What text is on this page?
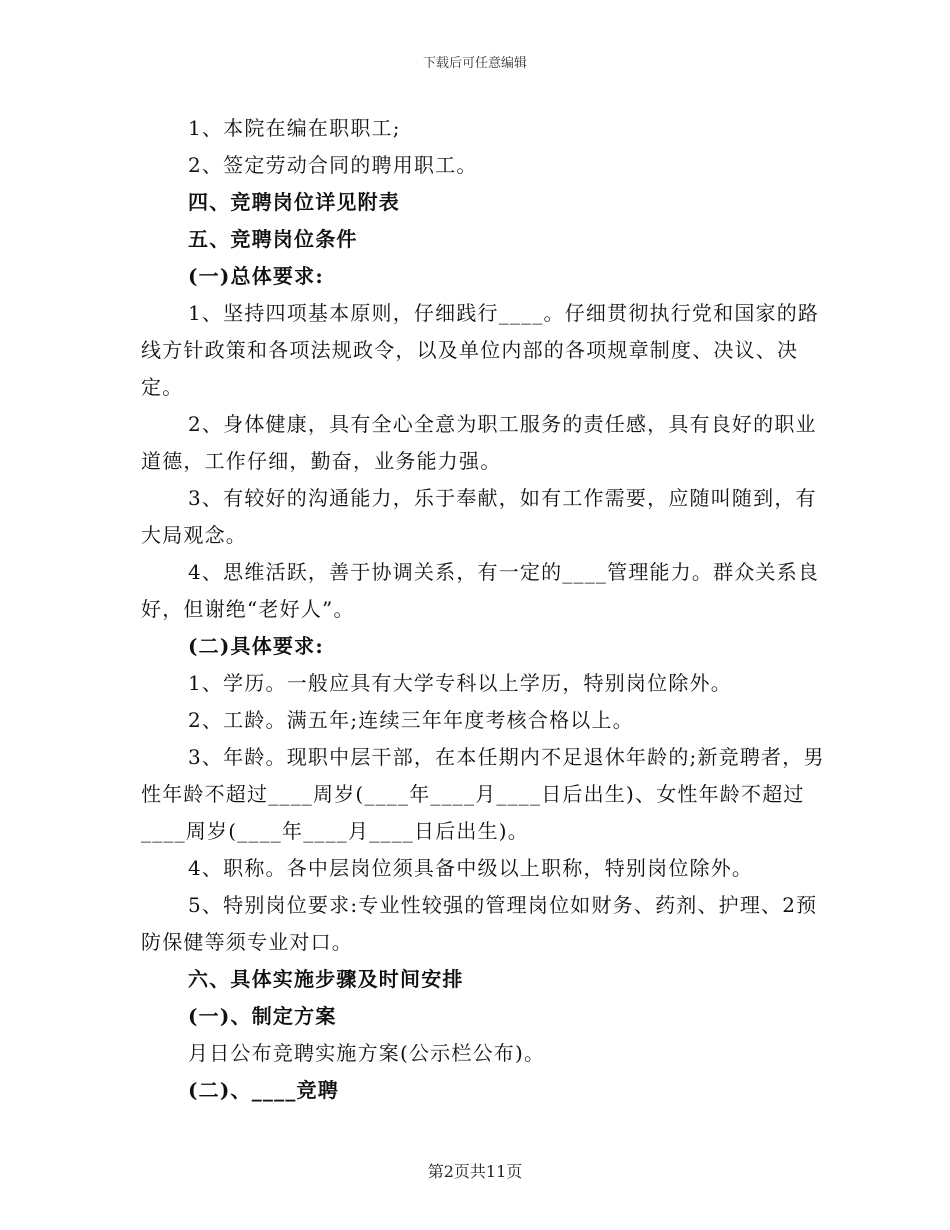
下载后可任意编辑
1、本院在编在职职工;
2、签定劳动合同的聘用职工。
四、竞聘岗位详见附表
五、竞聘岗位条件
(一)总体要求:
1、坚持四项基本原则，仔细践行____。仔细贯彻执行党和国家的路线方针政策和各项法规政令，以及单位内部的各项规章制度、决议、决定。
2、身体健康，具有全心全意为职工服务的责任感，具有良好的职业道德，工作仔细，勤奋，业务能力强。
3、有较好的沟通能力，乐于奉献，如有工作需要，应随叫随到，有大局观念。
4、思维活跃，善于协调关系，有一定的____管理能力。群众关系良好，但谢绝“老好人”。
(二)具体要求:
1、学历。一般应具有大学专科以上学历，特别岗位除外。
2、工龄。满五年;连续三年年度考核合格以上。
3、年龄。现职中层干部，在本任期内不足退休年龄的;新竞聘者，男性年龄不超过____周岁(____年____月____日后出生)、女性年龄不超过____周岁(____年____月____日后出生)。
4、职称。各中层岗位须具备中级以上职称，特别岗位除外。
5、特别岗位要求:专业性较强的管理岗位如财务、药剂、护理、2预防保健等须专业对口。
六、具体实施步骤及时间安排
(一)、制定方案
月日公布竞聘实施方案(公示栏公布)。
(二)、____竞聘
第2页共11页
